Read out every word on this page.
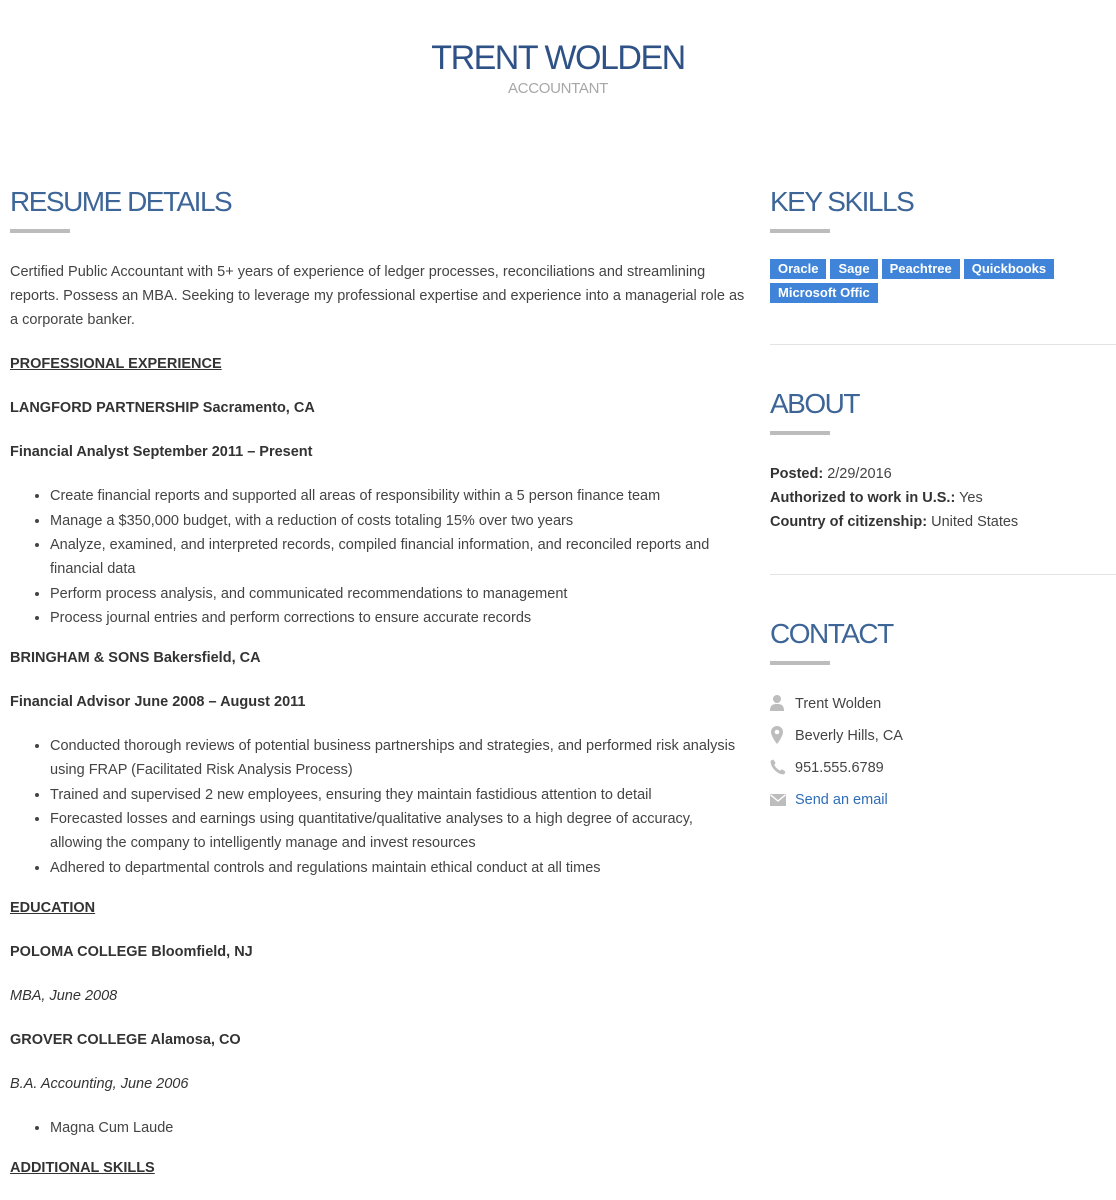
TRENT WOLDEN
ACCOUNTANT
RESUME DETAILS
Certified Public Accountant with 5+ years of experience of ledger processes, reconciliations and streamlining reports. Possess an MBA. Seeking to leverage my professional expertise and experience into a managerial role as a corporate banker.
PROFESSIONAL EXPERIENCE
LANGFORD PARTNERSHIP Sacramento, CA
Financial Analyst September 2011 – Present
• Create financial reports and supported all areas of responsibility within a 5 person finance team
• Manage a $350,000 budget, with a reduction of costs totaling 15% over two years
• Analyze, examined, and interpreted records, compiled financial information, and reconciled reports and financial data
• Perform process analysis, and communicated recommendations to management
• Process journal entries and perform corrections to ensure accurate records
BRINGHAM & SONS Bakersfield, CA
Financial Advisor June 2008 – August 2011
• Conducted thorough reviews of potential business partnerships and strategies, and performed risk analysis using FRAP (Facilitated Risk Analysis Process)
• Trained and supervised 2 new employees, ensuring they maintain fastidious attention to detail
• Forecasted losses and earnings using quantitative/qualitative analyses to a high degree of accuracy, allowing the company to intelligently manage and invest resources
• Adhered to departmental controls and regulations maintain ethical conduct at all times
EDUCATION
POLOMA COLLEGE Bloomfield, NJ
MBA, June 2008
GROVER COLLEGE Alamosa, CO
B.A. Accounting, June 2006
• Magna Cum Laude
ADDITIONAL SKILLS
KEY SKILLS
Oracle Sage Peachtree QuickbooksMicrosoft Offic
ABOUT
Posted: 2/29/2016
Authorized to work in U.S.: Yes
Country of citizenship: United States
CONTACT
Trent Wolden
Beverly Hills, CA
951.555.6789
Send an email
